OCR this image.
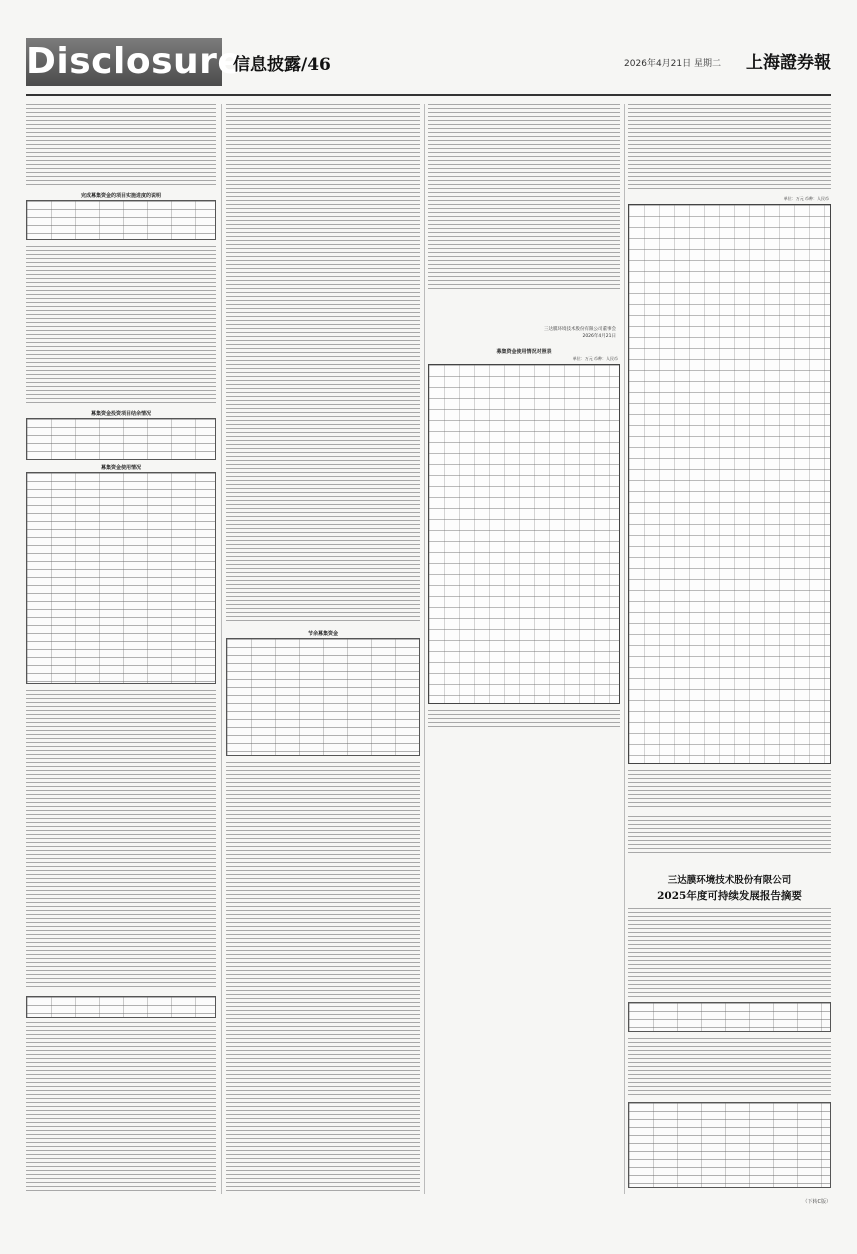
Disclosure
信息披露/46	2026年4月21日 星期二 上海證券報
完成募集资金的项目实施进度的说明
募集资金投资项目结余情况
募集资金使用情况
节余募集资金
三达膜环境技术股份有限公司董事会
2026年4月21日
募集资金使用情况对照表
单位：万元 币种：人民币
单位：万元 币种：人民币
三达膜环境技术股份有限公司
2025年度可持续发展报告摘要
（下转C版）
